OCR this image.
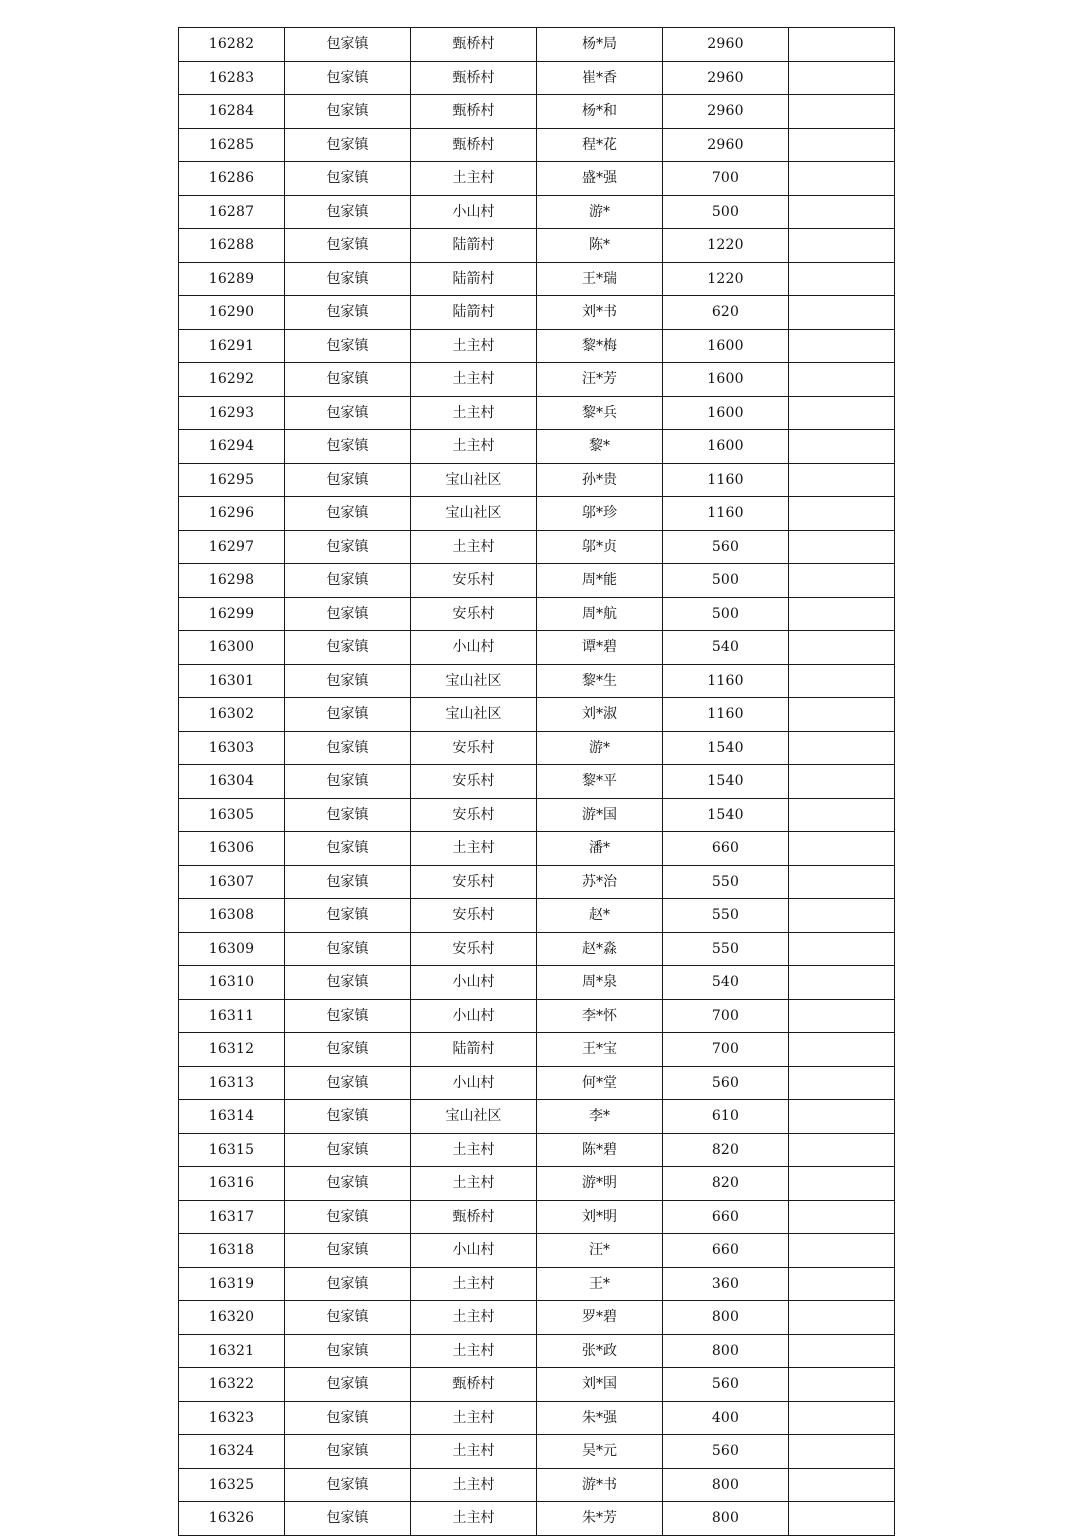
16282	包家镇	甄桥村	杨*局	2960	
16283	包家镇	甄桥村	崔*香	2960	
16284	包家镇	甄桥村	杨*和	2960	
16285	包家镇	甄桥村	程*花	2960	
16286	包家镇	土主村	盛*强	700	
16287	包家镇	小山村	游*	500	
16288	包家镇	陆箭村	陈*	1220	
16289	包家镇	陆箭村	王*瑞	1220	
16290	包家镇	陆箭村	刘*书	620	
16291	包家镇	土主村	黎*梅	1600	
16292	包家镇	土主村	汪*芳	1600	
16293	包家镇	土主村	黎*兵	1600	
16294	包家镇	土主村	黎*	1600	
16295	包家镇	宝山社区	孙*贵	1160	
16296	包家镇	宝山社区	邬*珍	1160	
16297	包家镇	土主村	邬*贞	560	
16298	包家镇	安乐村	周*能	500	
16299	包家镇	安乐村	周*航	500	
16300	包家镇	小山村	谭*碧	540	
16301	包家镇	宝山社区	黎*生	1160	
16302	包家镇	宝山社区	刘*淑	1160	
16303	包家镇	安乐村	游*	1540	
16304	包家镇	安乐村	黎*平	1540	
16305	包家镇	安乐村	游*国	1540	
16306	包家镇	土主村	潘*	660	
16307	包家镇	安乐村	苏*治	550	
16308	包家镇	安乐村	赵*	550	
16309	包家镇	安乐村	赵*淼	550	
16310	包家镇	小山村	周*泉	540	
16311	包家镇	小山村	李*怀	700	
16312	包家镇	陆箭村	王*宝	700	
16313	包家镇	小山村	何*堂	560	
16314	包家镇	宝山社区	李*	610	
16315	包家镇	土主村	陈*碧	820	
16316	包家镇	土主村	游*明	820	
16317	包家镇	甄桥村	刘*明	660	
16318	包家镇	小山村	汪*	660	
16319	包家镇	土主村	王*	360	
16320	包家镇	土主村	罗*碧	800	
16321	包家镇	土主村	张*政	800	
16322	包家镇	甄桥村	刘*国	560	
16323	包家镇	土主村	朱*强	400	
16324	包家镇	土主村	吴*元	560	
16325	包家镇	土主村	游*书	800	
16326	包家镇	土主村	朱*芳	800	
